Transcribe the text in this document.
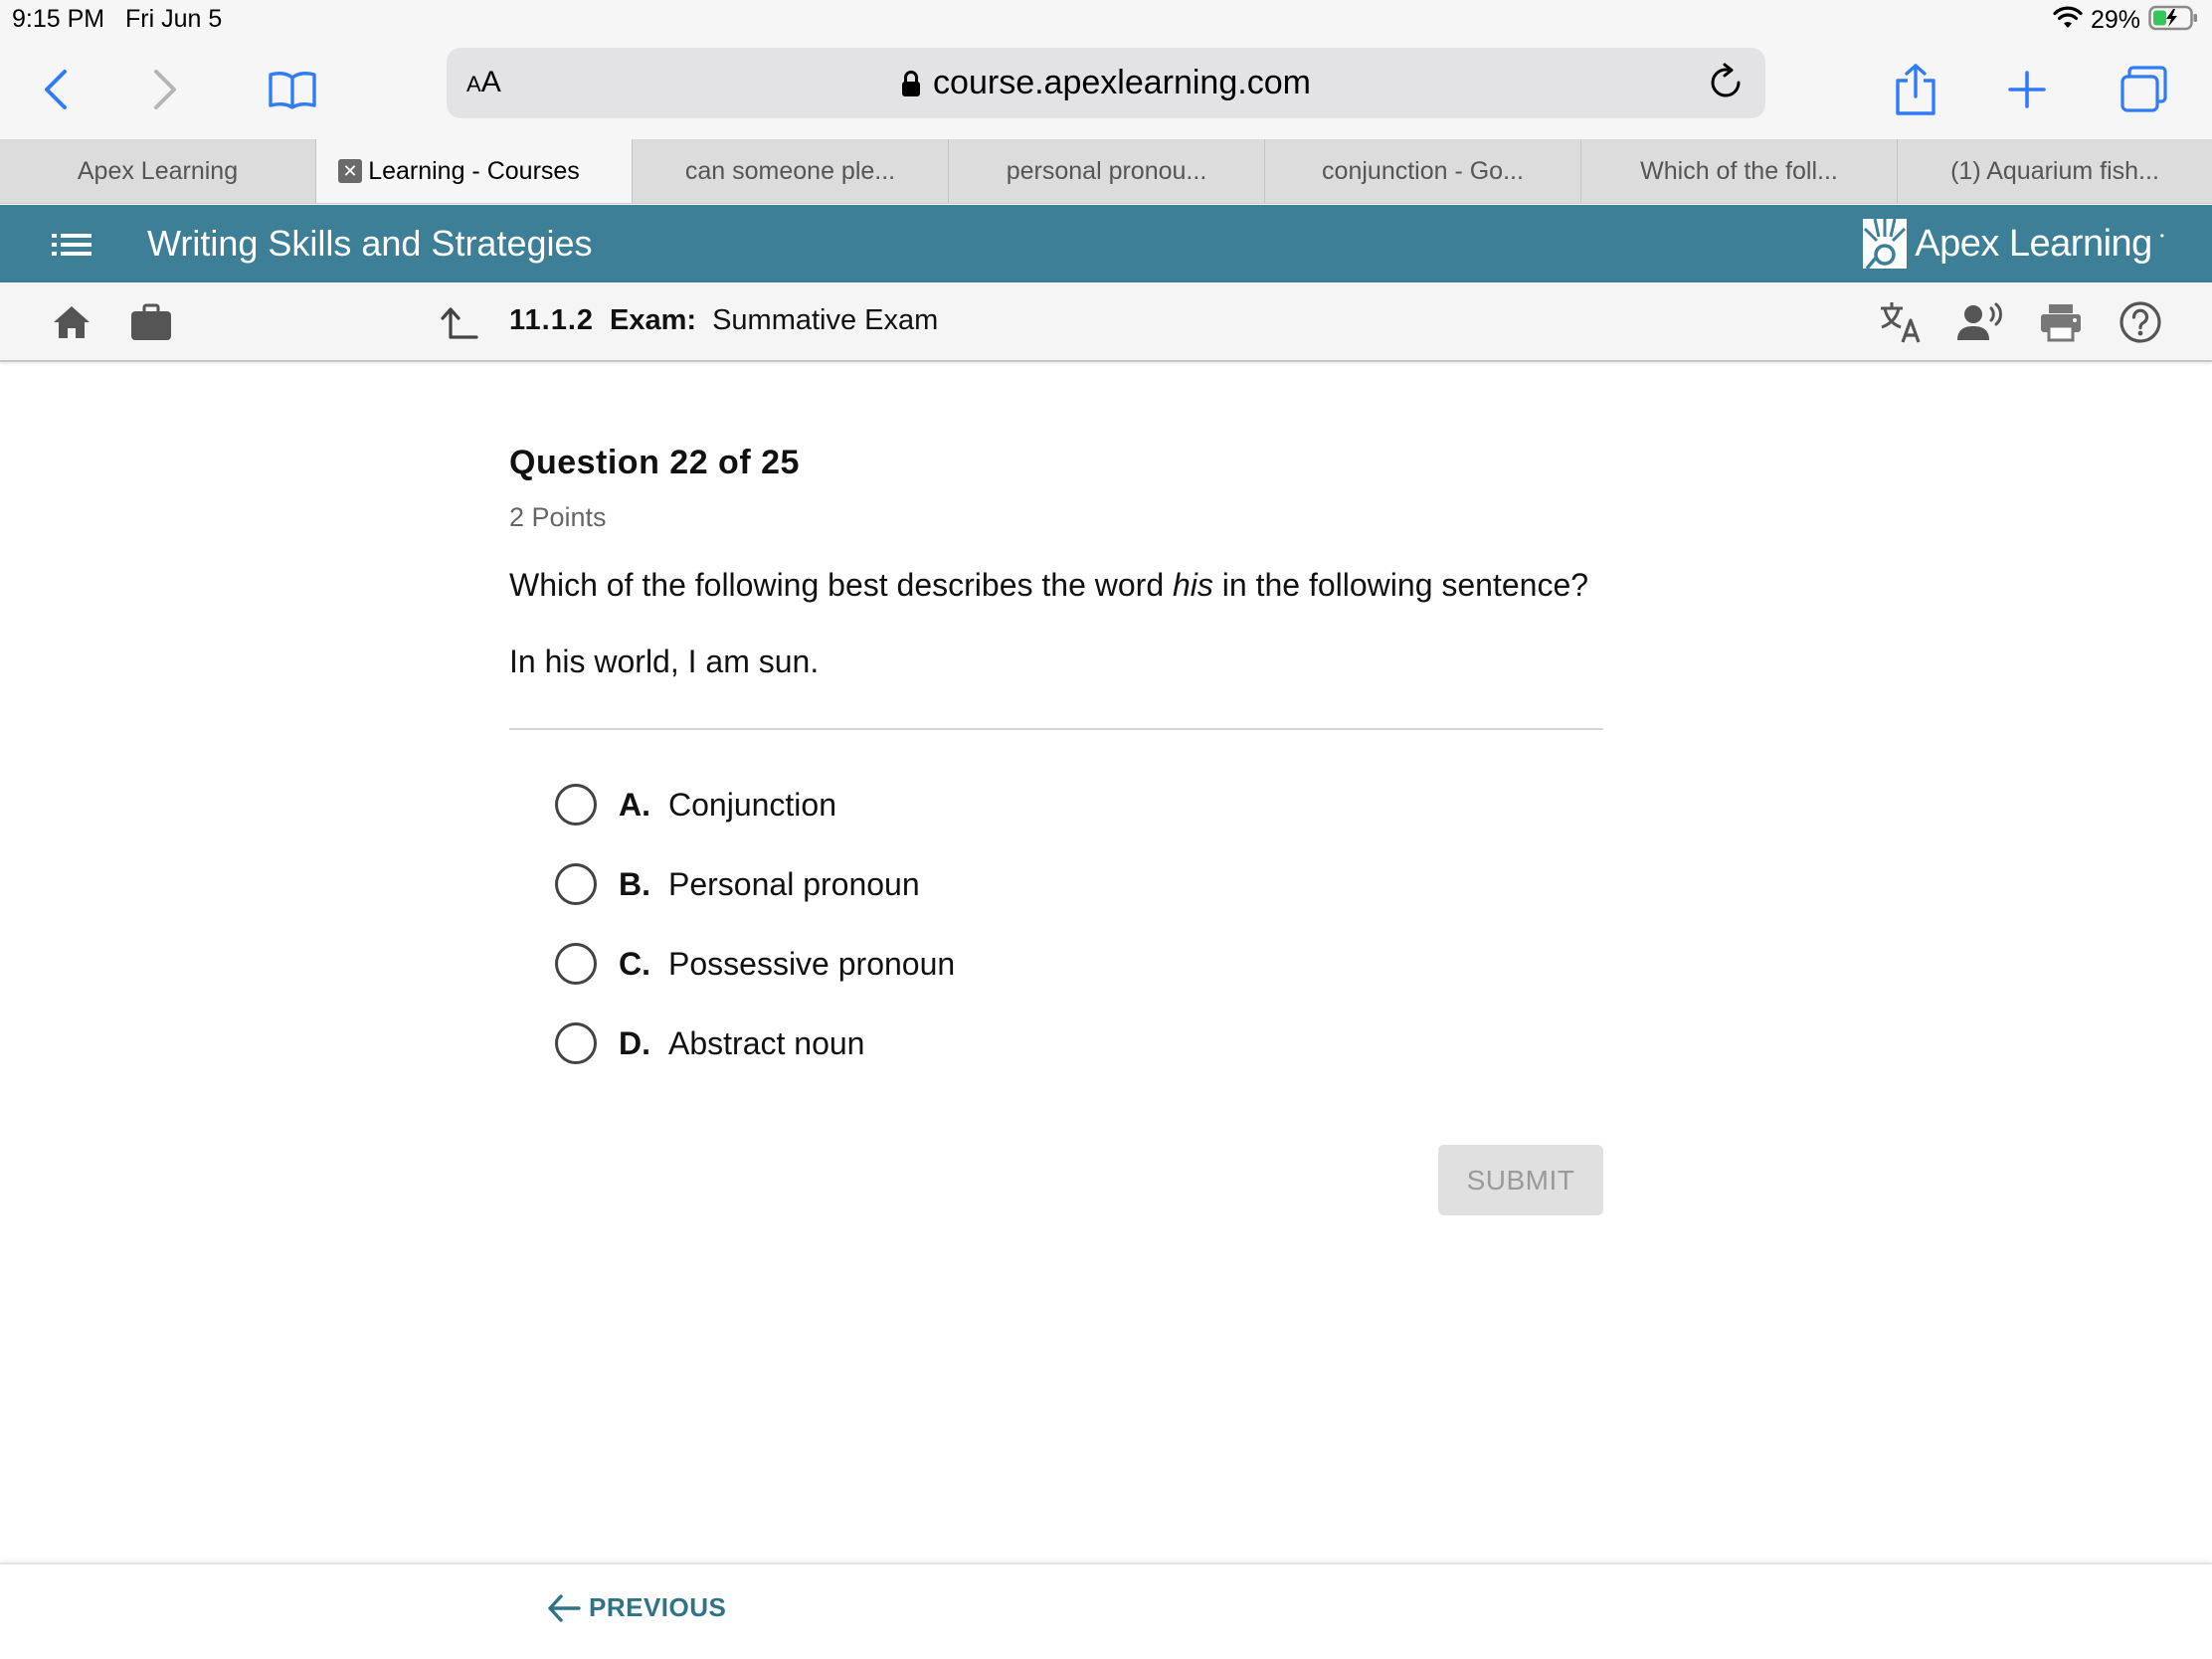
9:15 PM Fri Jun 5	29%
AA	course.apexlearning.com
Apex Learning	✕ Learning - Courses	can someone ple...	personal pronou...	conjunction - Go...	Which of the foll...	(1) Aquarium fish...
Writing Skills and Strategies	Apex Learning •
11.1.2 Exam: Summative Exam
Question 22 of 25
2 Points
Which of the following best describes the word his in the following sentence?
In his world, I am sun.
A. Conjunction
B. Personal pronoun
C. Possessive pronoun
D. Abstract noun
SUBMIT
PREVIOUS
